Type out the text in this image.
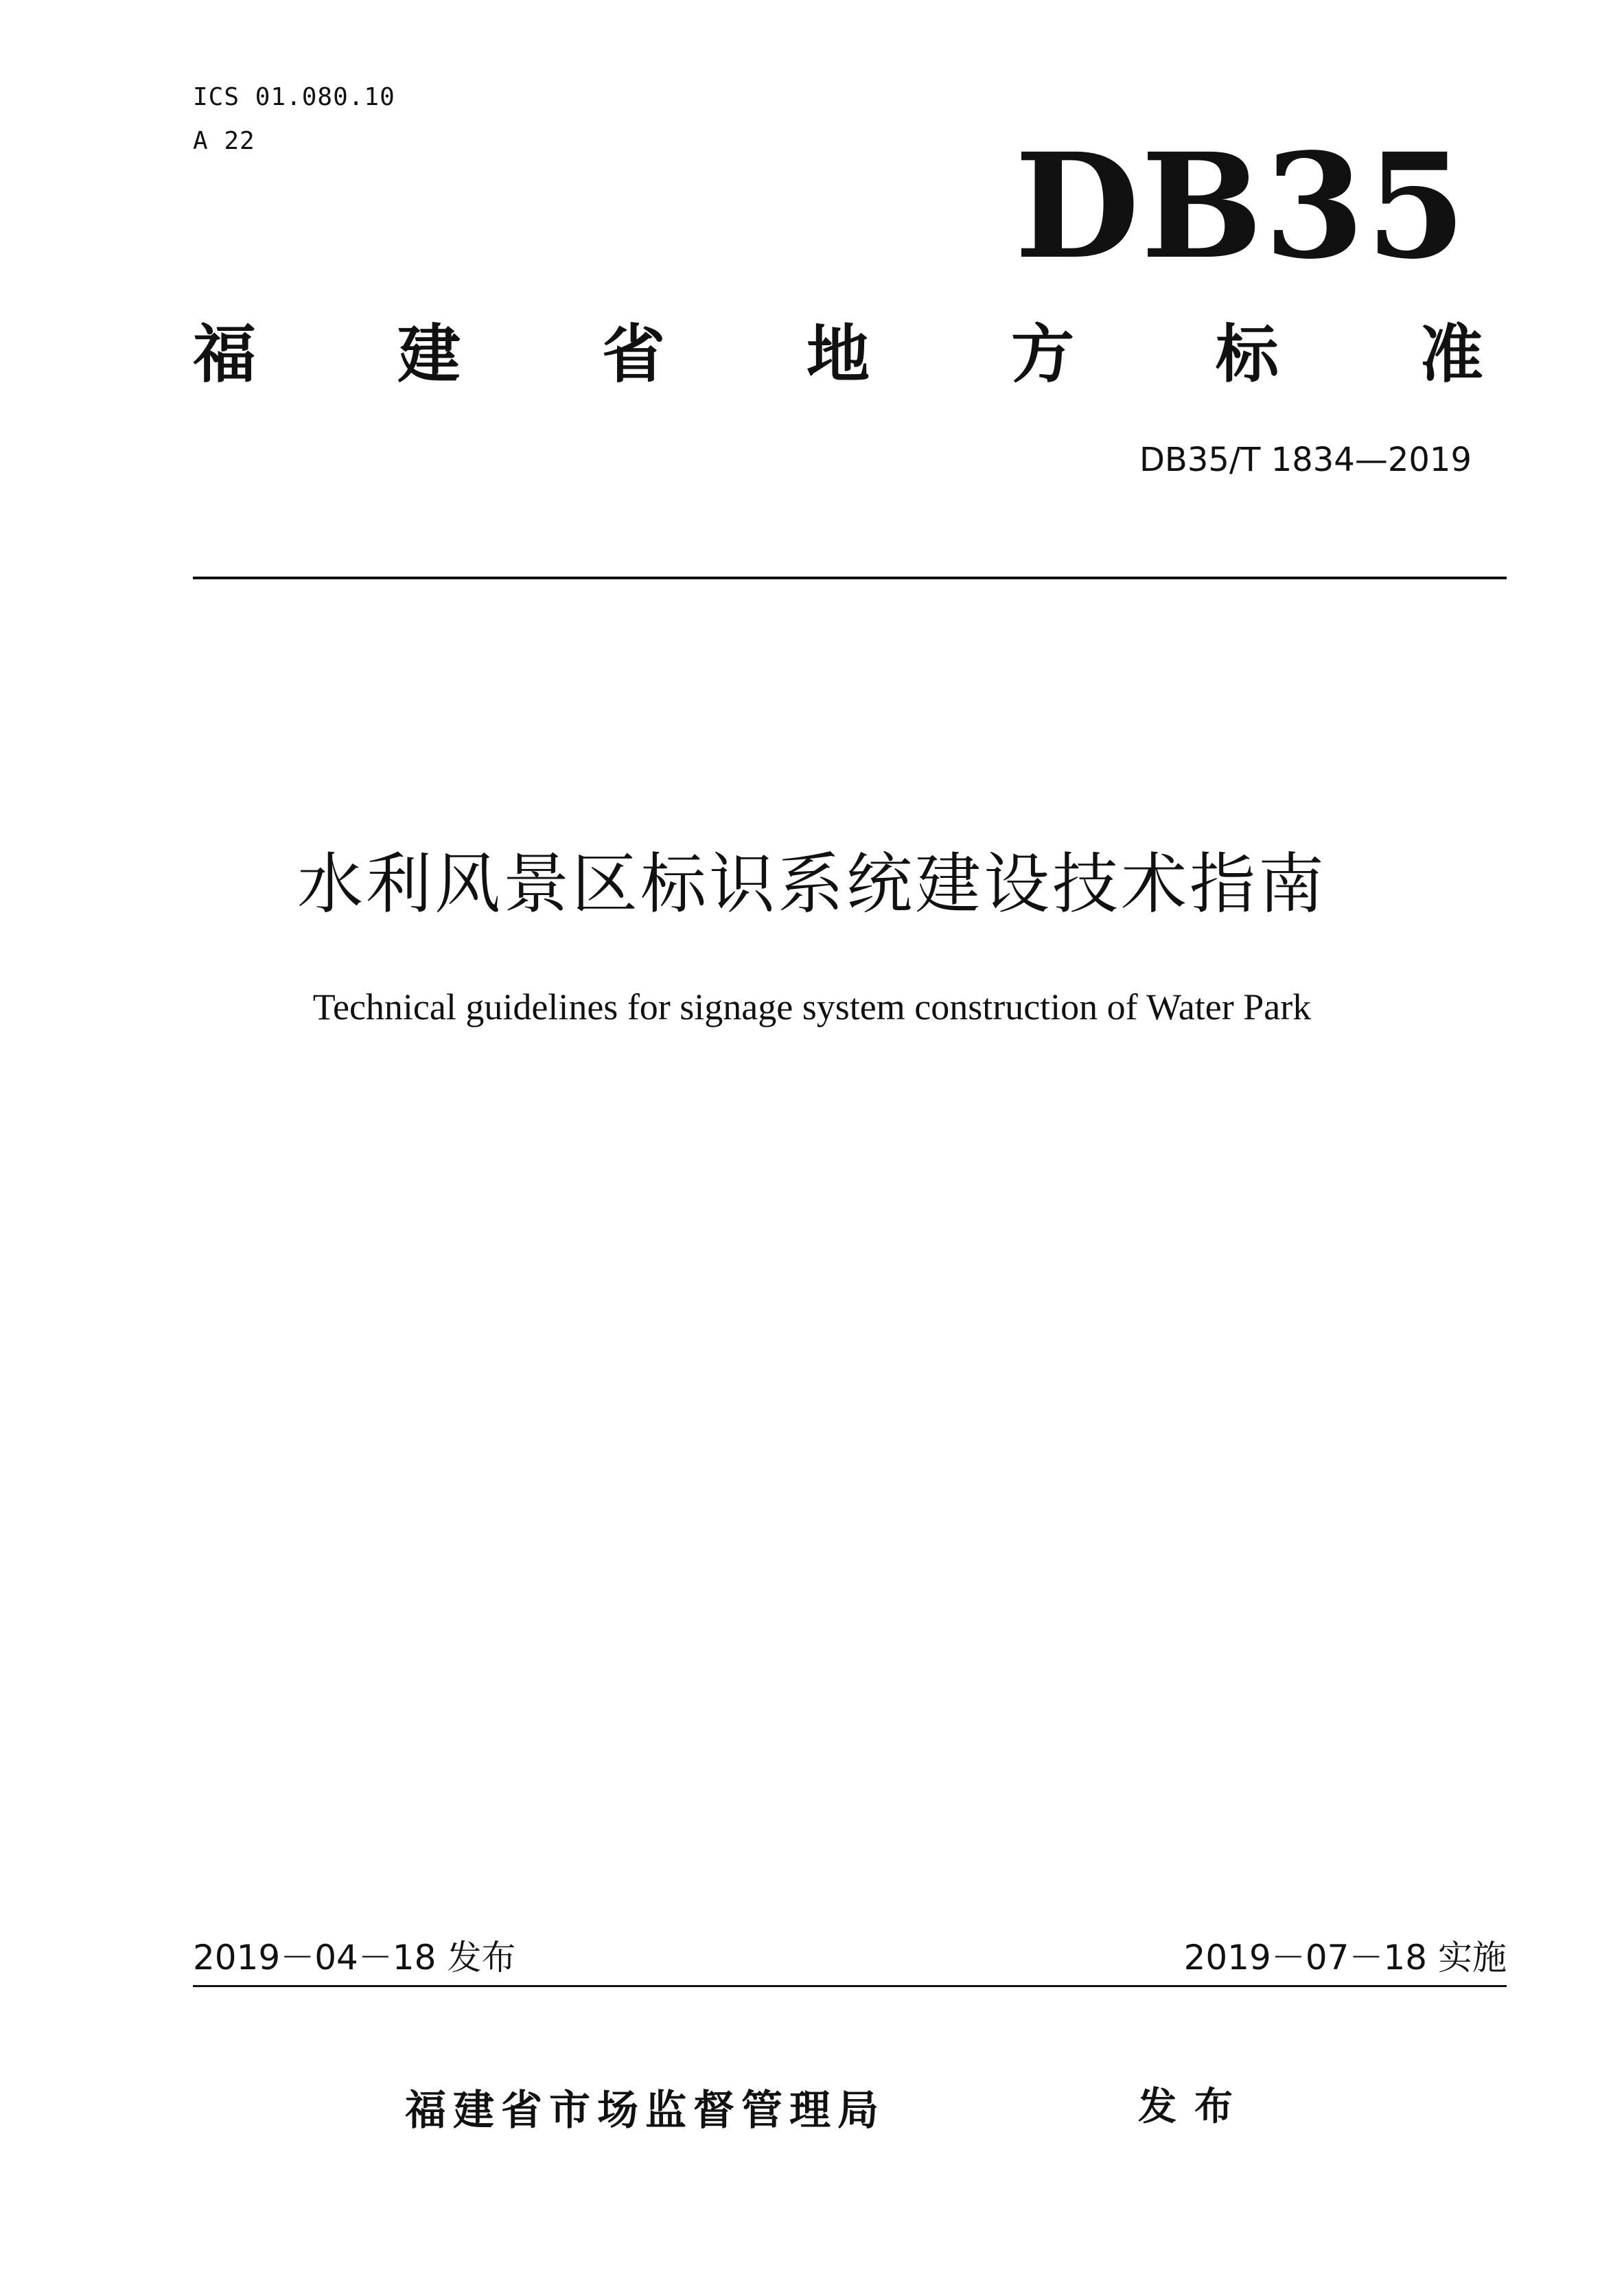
ICS 01.080.10
A 22	DB35
福 建 省 地 方 标 准
DB35/T 1834—2019
水利风景区标识系统建设技术指南
Technical guidelines for signage system construction of Water Park
2019－04－18 发布	2019－07－18 实施
福建省市场监督管理局	发布
